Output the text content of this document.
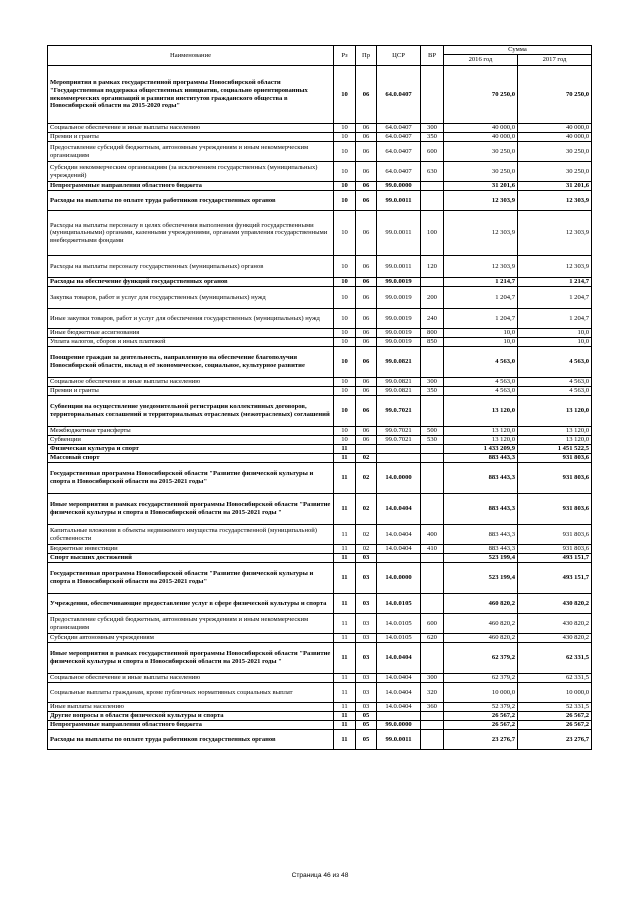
Наименование	Рз	Пр	ЦСР	ВР	Сумма	
					2016 год	2017 год
Мероприятия в рамках государственной программы Новосибирской области "Государственная поддержка общественных инициатив, социально ориентированных некоммерческих организаций и развития институтов гражданского общества в Новосибирской области на 2015-2020 годы"	10	06	64.0.0407		70 250,0	70 250,0
Социальное обеспечение и иные выплаты населению	10	06	64.0.0407	300	40 000,0	40 000,0
Премии и гранты	10	06	64.0.0407	350	40 000,0	40 000,0
Предоставление субсидий бюджетным, автономным учреждениям и иным некоммерческим организациям	10	06	64.0.0407	600	30 250,0	30 250,0
Субсидии некоммерческим организациям (за исключением государственных (муниципальных) учреждений)	10	06	64.0.0407	630	30 250,0	30 250,0
Непрограммные направления областного бюджета	10	06	99.0.0000		31 201,6	31 201,6
Расходы на выплаты по оплате труда работников государственных органов	10	06	99.0.0011		12 303,9	12 303,9
Расходы на выплаты персоналу в целях обеспечения выполнения функций государственными (муниципальными) органами, казенными учреждениями, органами управления государственными внебюджетными фондами	10	06	99.0.0011	100	12 303,9	12 303,9
Расходы на выплаты персоналу государственных (муниципальных) органов	10	06	99.0.0011	120	12 303,9	12 303,9
Расходы на обеспечение функций государственных органов	10	06	99.0.0019		1 214,7	1 214,7
Закупка товаров, работ и услуг для государственных (муниципальных) нужд	10	06	99.0.0019	200	1 204,7	1 204,7
Иные закупки товаров, работ и услуг для обеспечения государственных (муниципальных) нужд	10	06	99.0.0019	240	1 204,7	1 204,7
Иные бюджетные ассигнования	10	06	99.0.0019	800	10,0	10,0
Уплата налогов, сборов и иных платежей	10	06	99.0.0019	850	10,0	10,0
Поощрение граждан за деятельность, направленную на обеспечение благополучия Новосибирской области, вклад в её экономическое, социальное, культурное развитие	10	06	99.0.0821		4 563,0	4 563,0
Социальное обеспечение и иные выплаты населению	10	06	99.0.0821	300	4 563,0	4 563,0
Премии и гранты	10	06	99.0.0821	350	4 563,0	4 563,0
Субвенции на осуществление уведомительной регистрации коллективных договоров, территориальных соглашений и территориальных отраслевых (межотраслевых) соглашений	10	06	99.0.7021		13 120,0	13 120,0
Межбюджетные трансферты	10	06	99.0.7021	500	13 120,0	13 120,0
Субвенции	10	06	99.0.7021	530	13 120,0	13 120,0
Физическая культура и спорт	11				1 433 209,9	1 451 522,5
Массовый спорт	11	02			883 443,3	931 803,6
Государственная программа Новосибирской области "Развитие физической культуры и спорта в Новосибирской области на 2015-2021 годы"	11	02	14.0.0000		883 443,3	931 803,6
Иные мероприятия в рамках государственной программы Новосибирской области "Развитие физической культуры и спорта в Новосибирской области на 2015-2021 годы "	11	02	14.0.0404		883 443,3	931 803,6
Капитальные вложения в объекты недвижимого имущества государственной (муниципальной) собственности	11	02	14.0.0404	400	883 443,3	931 803,6
Бюджетные инвестиции	11	02	14.0.0404	410	883 443,3	931 803,6
Спорт высших достижений	11	03			523 199,4	493 151,7
Государственная программа Новосибирской области "Развитие физической культуры и спорта в Новосибирской области на 2015-2021 годы"	11	03	14.0.0000		523 199,4	493 151,7
Учреждения, обеспечивающие предоставление услуг в сфере физической культуры и спорта	11	03	14.0.0105		460 820,2	430 820,2
Предоставление субсидий бюджетным, автономным учреждениям и иным некоммерческим организациям	11	03	14.0.0105	600	460 820,2	430 820,2
Субсидии автономным учреждениям	11	03	14.0.0105	620	460 820,2	430 820,2
Иные мероприятия в рамках государственной программы Новосибирской области "Развитие физической культуры и спорта в Новосибирской области на 2015-2021 годы "	11	03	14.0.0404		62 379,2	62 331,5
Социальное обеспечение и иные выплаты населению	11	03	14.0.0404	300	62 379,2	62 331,5
Социальные выплаты гражданам, кроме публичных нормативных социальных выплат	11	03	14.0.0404	320	10 000,0	10 000,0
Иные выплаты населению	11	03	14.0.0404	360	52 379,2	52 331,5
Другие вопросы в области физической культуры и спорта	11	05			26 567,2	26 567,2
Непрограммные направления областного бюджета	11	05	99.0.0000		26 567,2	26 567,2
Расходы на выплаты по оплате труда работников государственных органов	11	05	99.0.0011		23 276,7	23 276,7
Страница 46 из 48
